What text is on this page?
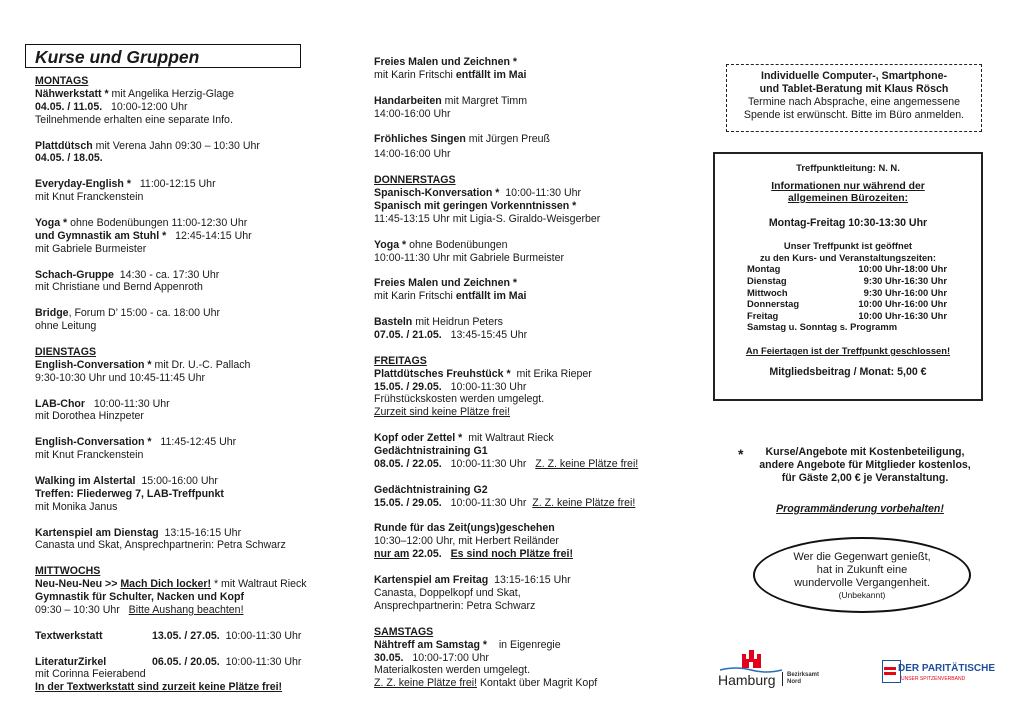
Kurse und Gruppen
MONTAGS
Nähwerkstatt * mit Angelika Herzig-Glage
04.05. / 11.05. 10:00-12:00 Uhr
Teilnehmende erhalten eine separate Info.
Plattdütsch mit Verena Jahn 09:30 – 10:30 Uhr
04.05. / 18.05.
Everyday-English * 11:00-12:15 Uhr
mit Knut Franckenstein
Yoga * ohne Bodenübungen 11:00-12:30 Uhr
und Gymnastik am Stuhl * 12:45-14:15 Uhr
mit Gabriele Burmeister
Schach-Gruppe 14:30 - ca. 17:30 Uhr
mit Christiane und Bernd Appenroth
Bridge, Forum D’ 15:00 - ca. 18:00 Uhr
ohne Leitung
DIENSTAGS
English-Conversation * mit Dr. U.-C. Pallach
9:30-10:30 Uhr und 10:45-11:45 Uhr
LAB-Chor 10:00-11:30 Uhr
mit Dorothea Hinzpeter
English-Conversation * 11:45-12:45 Uhr
mit Knut Franckenstein
Walking im Alstertal 15:00-16:00 Uhr
Treffen: Fliederweg 7, LAB-Treffpunkt
mit Monika Janus
Kartenspiel am Dienstag 13:15-16:15 Uhr
Canasta und Skat, Ansprechpartnerin: Petra Schwarz
MITTWOCHS
Neu-Neu-Neu >> Mach Dich locker! * mit Waltraut Rieck
Gymnastik für Schulter, Nacken und Kopf
09:30 – 10:30 Uhr Bitte Aushang beachten!
Textwerkstatt	13.05. / 27.05. 10:00-11:30 Uhr
LiteraturZirkel	06.05. / 20.05. 10:00-11:30 Uhr
mit Corinna Feierabend
In der Textwerkstatt sind zurzeit keine Plätze frei!
Freies Malen und Zeichnen *
mit Karin Fritschi entfällt im Mai
Handarbeiten mit Margret Timm
14:00-16:00 Uhr
Fröhliches Singen mit Jürgen Preuß
14:00-16:00 Uhr
DONNERSTAGS
Spanisch-Konversation * 10:00-11:30 Uhr
Spanisch mit geringen Vorkenntnissen *
11:45-13:15 Uhr mit Ligia-S. Giraldo-Weisgerber
Yoga * ohne Bodenübungen
10:00-11:30 Uhr mit Gabriele Burmeister
Freies Malen und Zeichnen *
mit Karin Fritschi entfällt im Mai
Basteln mit Heidrun Peters
07.05. / 21.05. 13:45-15:45 Uhr
FREITAGS
Plattdütsches Freuhstück * mit Erika Rieper
15.05. / 29.05. 10:00-11:30 Uhr
Frühstückskosten werden umgelegt.
Zurzeit sind keine Plätze frei!
Kopf oder Zettel * mit Waltraut Rieck
Gedächtnistraining G1
08.05. / 22.05. 10:00-11:30 Uhr Z. Z. keine Plätze frei!
Gedächtnistraining G2
15.05. / 29.05. 10:00-11:30 Uhr Z. Z. keine Plätze frei!
Runde für das Zeit(ungs)geschehen
10:30–12:00 Uhr, mit Herbert Reiländer
nur am 22.05. Es sind noch Plätze frei!
Kartenspiel am Freitag 13:15-16:15 Uhr
Canasta, Doppelkopf und Skat,
Ansprechpartnerin: Petra Schwarz
SAMSTAGS
Nähtreff am Samstag * in Eigenregie
30.05. 10:00-17:00 Uhr
Materialkosten werden umgelegt.
Z. Z. keine Plätze frei! Kontakt über Magrit Kopf
Individuelle Computer-, Smartphone-
und Tablet-Beratung mit Klaus Rösch
Termine nach Absprache, eine angemessene
Spende ist erwünscht. Bitte im Büro anmelden.
Treffpunktleitung: N. N.
Informationen nur während der
allgemeinen Bürozeiten:
Montag-Freitag 10:30-13:30 Uhr
Unser Treffpunkt ist geöffnet
zu den Kurs- und Veranstaltungszeiten:
Montag	10:00 Uhr-18:00 Uhr
Dienstag	9:30 Uhr-16:30 Uhr
Mittwoch	9:30 Uhr-16:00 Uhr
Donnerstag	10:00 Uhr-16:00 Uhr
Freitag	10:00 Uhr-16:30 Uhr
Samstag u. Sonntag s. Programm
An Feiertagen ist der Treffpunkt geschlossen!
Mitgliedsbeitrag / Monat: 5,00 €
*	Kurse/Angebote mit Kostenbeteiligung,
andere Angebote für Mitglieder kostenlos,
für Gäste 2,00 € je Veranstaltung.
Programmänderung vorbehalten!
Wer die Gegenwart genießt,
hat in Zukunft eine
wundervolle Vergangenheit.
(Unbekannt)
Hamburg Bezirksamt
Nord
DER PARITÄTISCHE
UNSER SPITZENVERBAND
